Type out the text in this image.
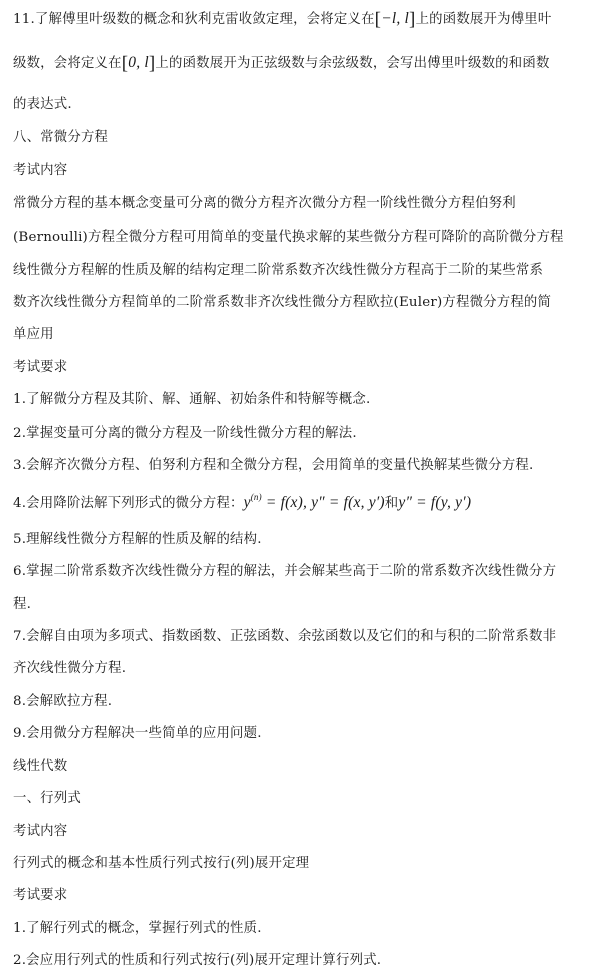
11.了解傅里叶级数的概念和狄利克雷收敛定理，会将定义在[−l, l]上的函数展开为傅里叶
级数，会将定义在[0, l]上的函数展开为正弦级数与余弦级数，会写出傅里叶级数的和函数
的表达式.
八、常微分方程
考试内容
常微分方程的基本概念变量可分离的微分方程齐次微分方程一阶线性微分方程伯努利
(Bernoulli)方程全微分方程可用简单的变量代换求解的某些微分方程可降阶的高阶微分方程
线性微分方程解的性质及解的结构定理二阶常系数齐次线性微分方程高于二阶的某些常系
数齐次线性微分方程简单的二阶常系数非齐次线性微分方程欧拉(Euler)方程微分方程的简
单应用
考试要求
1.了解微分方程及其阶、解、通解、初始条件和特解等概念.
2.掌握变量可分离的微分方程及一阶线性微分方程的解法.
3.会解齐次微分方程、伯努利方程和全微分方程，会用简单的变量代换解某些微分方程.
4.会用降阶法解下列形式的微分方程：$y^{(n)} = f(x)$, y″ = f(x, y′)和y″ = f(y, y′)
5.理解线性微分方程解的性质及解的结构.
6.掌握二阶常系数齐次线性微分方程的解法，并会解某些高于二阶的常系数齐次线性微分方
程.
7.会解自由项为多项式、指数函数、正弦函数、余弦函数以及它们的和与积的二阶常系数非
齐次线性微分方程.
8.会解欧拉方程.
9.会用微分方程解决一些简单的应用问题.
线性代数
一、行列式
考试内容
行列式的概念和基本性质行列式按行(列)展开定理
考试要求
1.了解行列式的概念，掌握行列式的性质.
2.会应用行列式的性质和行列式按行(列)展开定理计算行列式.
